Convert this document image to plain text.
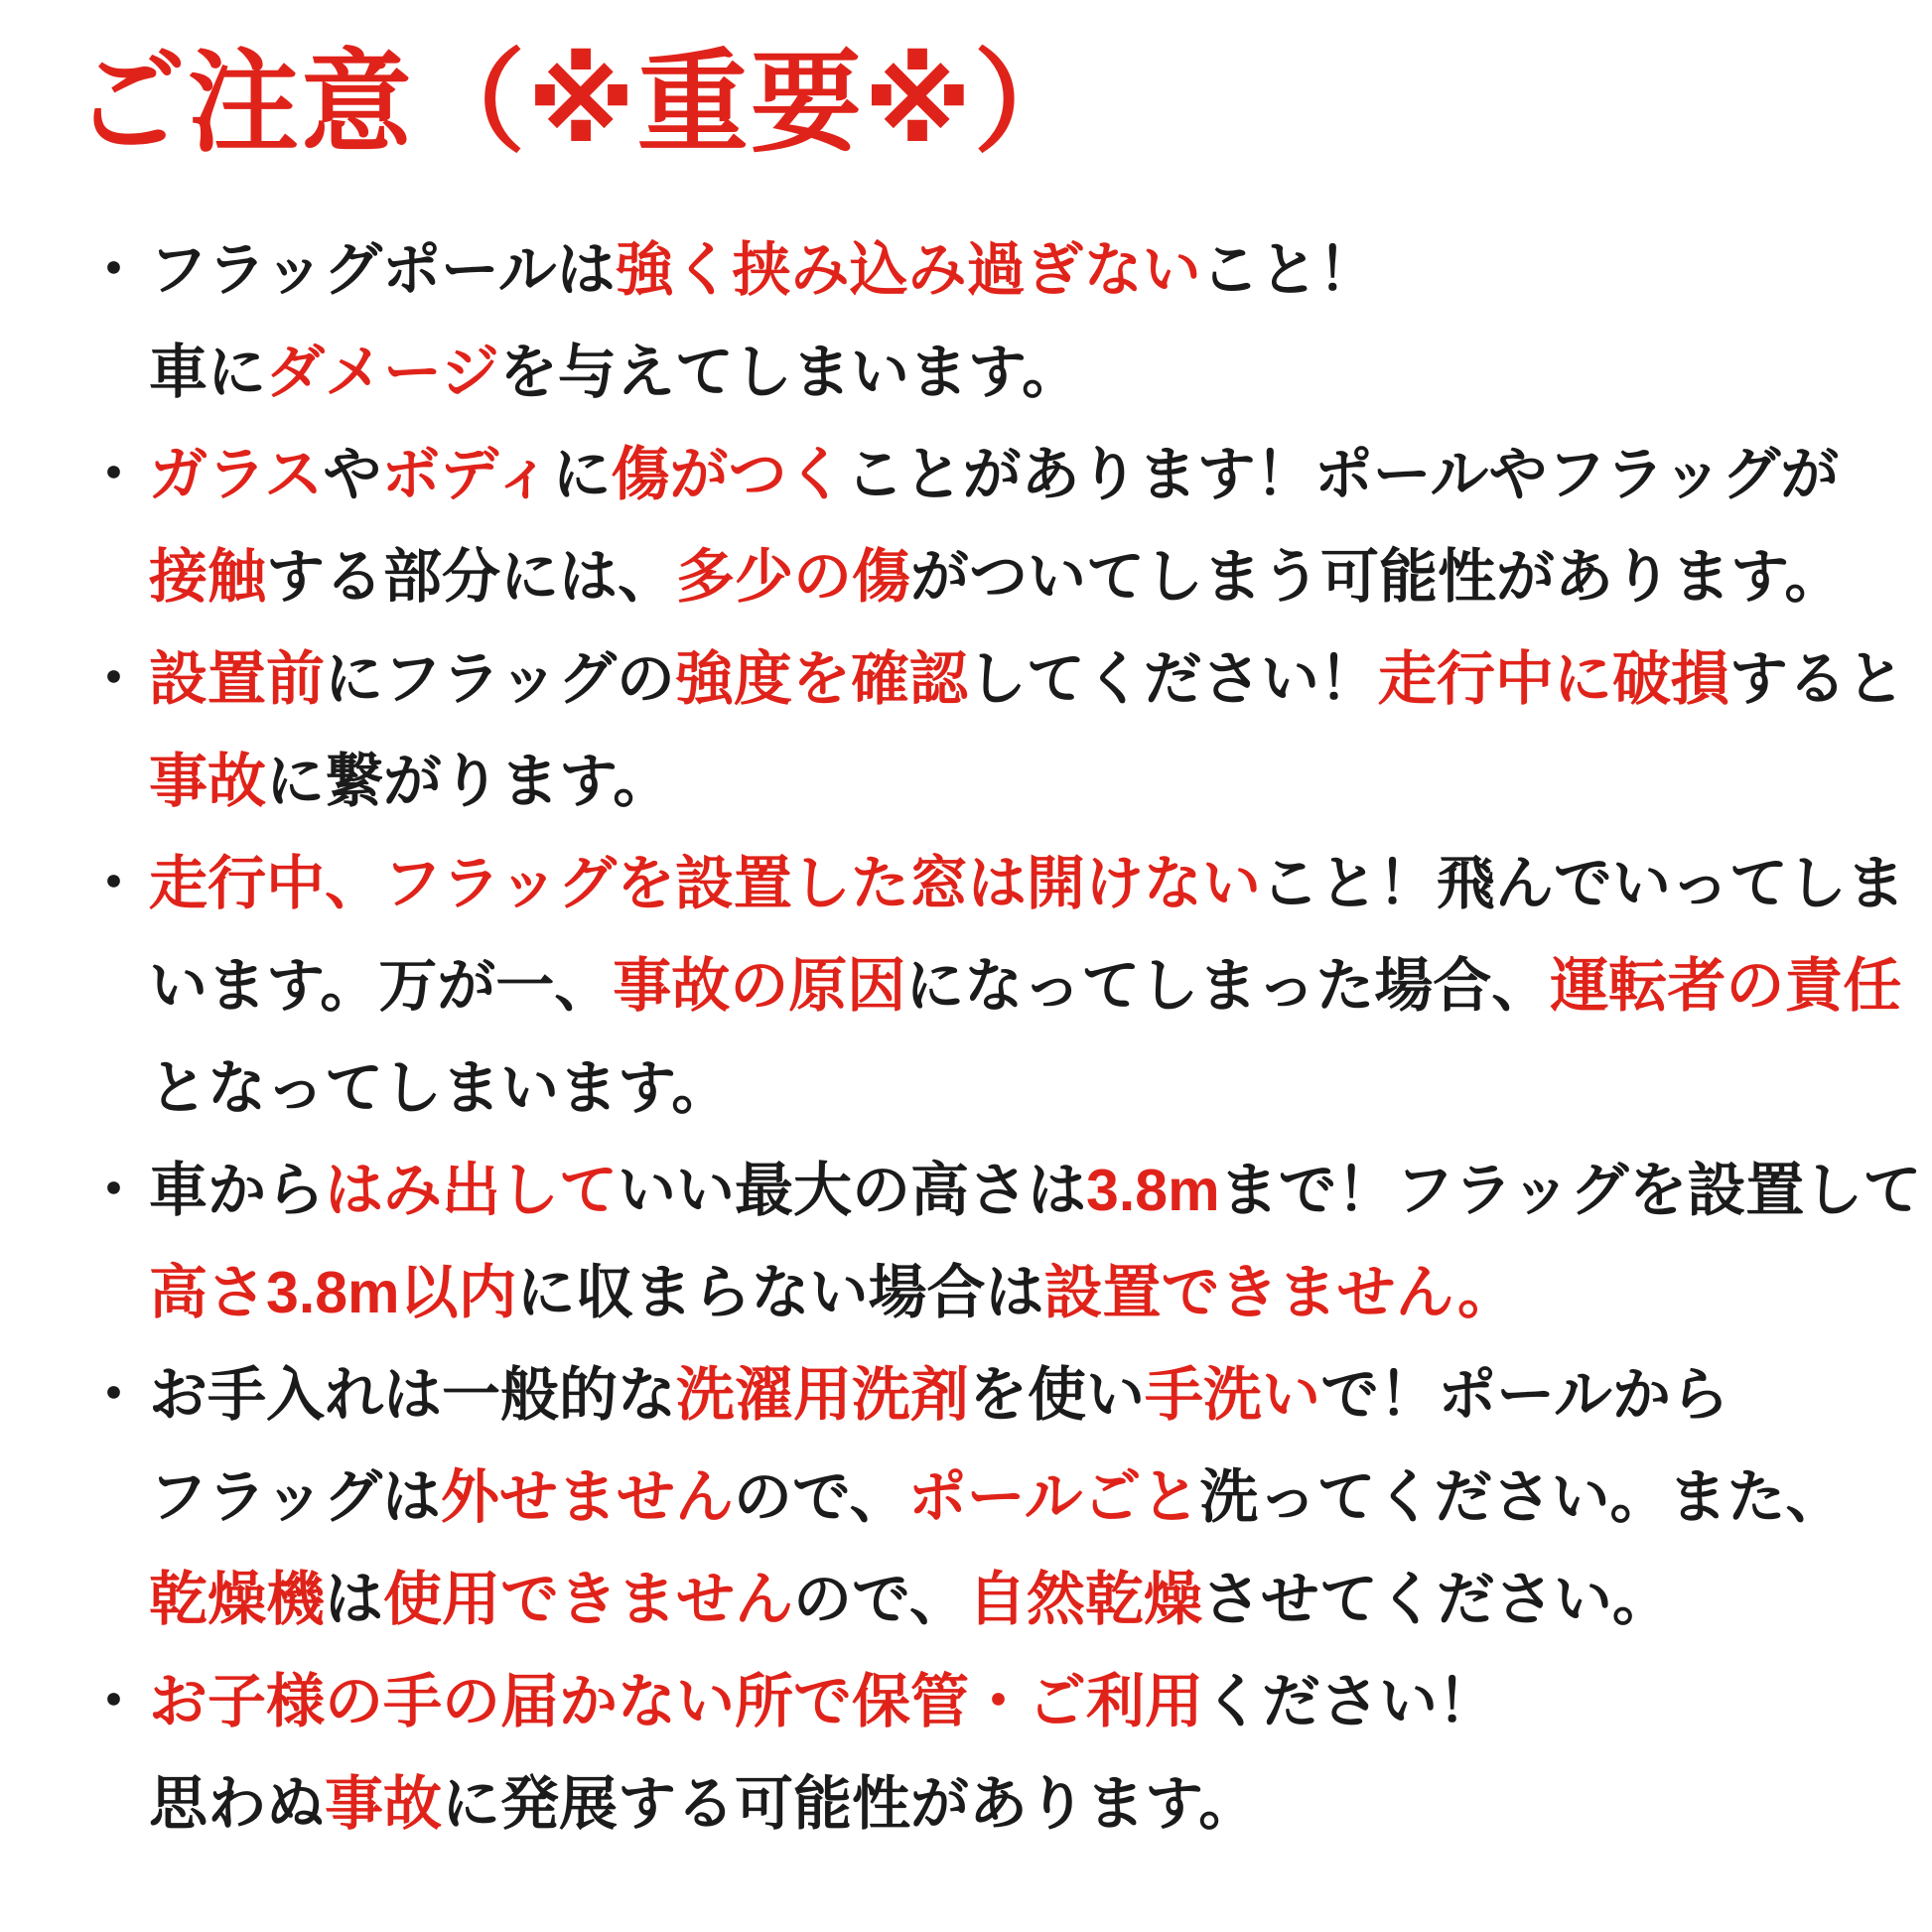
ご注意（※重要※）
・ フラッグポールは強く挟み込み過ぎないこと！
車にダメージを与えてしまいます。
・ ガラスやボディに傷がつくことがあります！ポールやフラッグが
接触する部分には、多少の傷がついてしまう可能性があります。
・ 設置前にフラッグの強度を確認してください！走行中に破損すると
事故に繋がります。
・ 走行中、フラッグを設置した窓は開けないこと！飛んでいってしま
います。万が一、事故の原因になってしまった場合、運転者の責任
となってしまいます。
・ 車からはみ出していい最大の高さは3.8mまで！フラッグを設置して
高さ3.8m以内に収まらない場合は設置できません。
・ お手入れは一般的な洗濯用洗剤を使い手洗いで！ポールから
フラッグは外せませんので、ポールごと洗ってください。また、
乾燥機は使用できませんので、自然乾燥させてください。
・ お子様の手の届かない所で保管・ご利用ください！
思わぬ事故に発展する可能性があります。
